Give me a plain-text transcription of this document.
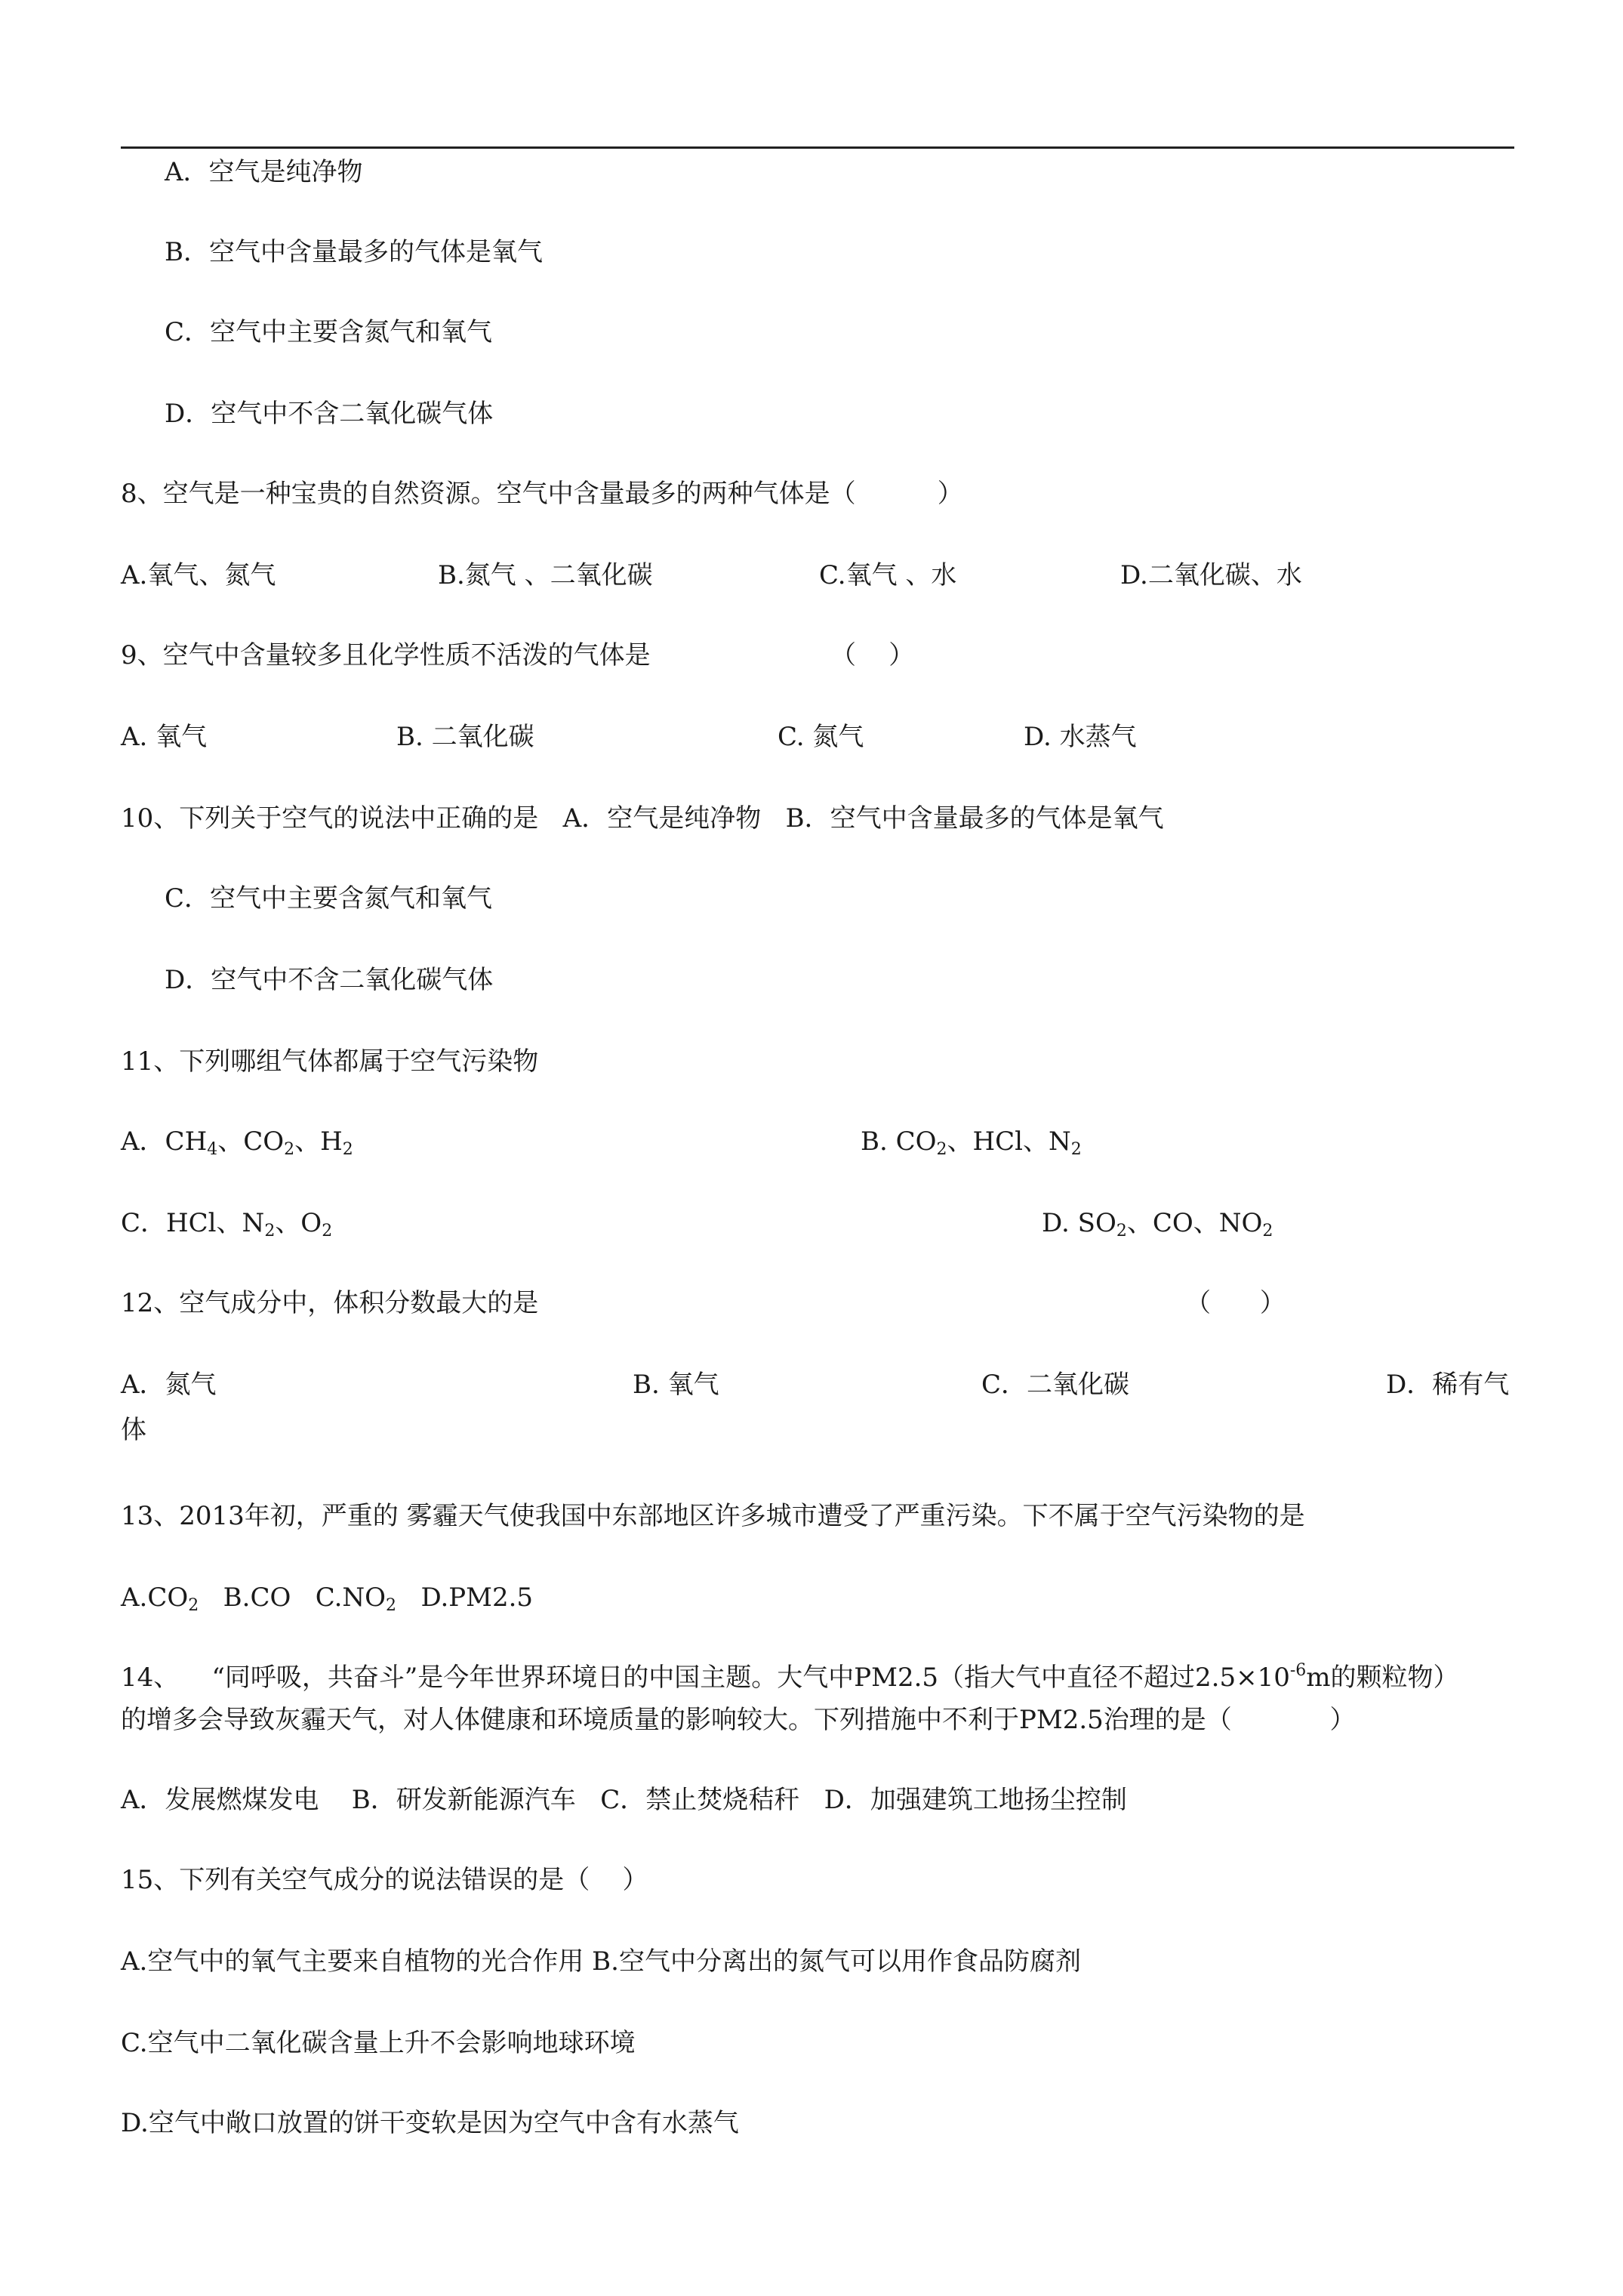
A．空气是纯净物
B．空气中含量最多的气体是氧气
C．空气中主要含氮气和氧气
D．空气中不含二氧化碳气体
8、空气是一种宝贵的自然资源。空气中含量最多的两种气体是（          ）
A.氧气、氮气	B.氮气 、二氧化碳	C.氧气 、水	D.二氧化碳、水
9、空气中含量较多且化学性质不活泼的气体是	（    ）
A. 氧气	B. 二氧化碳	C. 氮气	D. 水蒸气
10、下列关于空气的说法中正确的是   A．空气是纯净物   B．空气中含量最多的气体是氧气
C．空气中主要含氮气和氧气
D．空气中不含二氧化碳气体
11、下列哪组气体都属于空气污染物
A．$CH_4$、$CO_2$、$H_2$	B. $CO_2$、HCl、$N_2$
C．HCl、$N_2$、$O_2$	D. $SO_2$、CO、$NO_2$
12、空气成分中，体积分数最大的是	（      ）
A．氮气	B. 氧气	C．二氧化碳	D．稀有气
体
13、2013年初，严重的 雾霾天气使我国中东部地区许多城市遭受了严重污染。下不属于空气污染物的是
$A.CO_2$   B.CO   $C.NO_2$   D.PM2.5
14、    “同呼吸，共奋斗”是今年世界环境日的中国主题。大气中PM2.5（指大气中直径不超过$2.5\times 10^{-6}m$的颗粒物）
的增多会导致灰霾天气，对人体健康和环境质量的影响较大。下列措施中不利于PM2.5治理的是（            ）
A．发展燃煤发电    B．研发新能源汽车   C．禁止焚烧秸秆   D．加强建筑工地扬尘控制
15、下列有关空气成分的说法错误的是（    ）
A.空气中的氧气主要来自植物的光合作用 B.空气中分离出的氮气可以用作食品防腐剂
C.空气中二氧化碳含量上升不会影响地球环境
D.空气中敞口放置的饼干变软是因为空气中含有水蒸气
